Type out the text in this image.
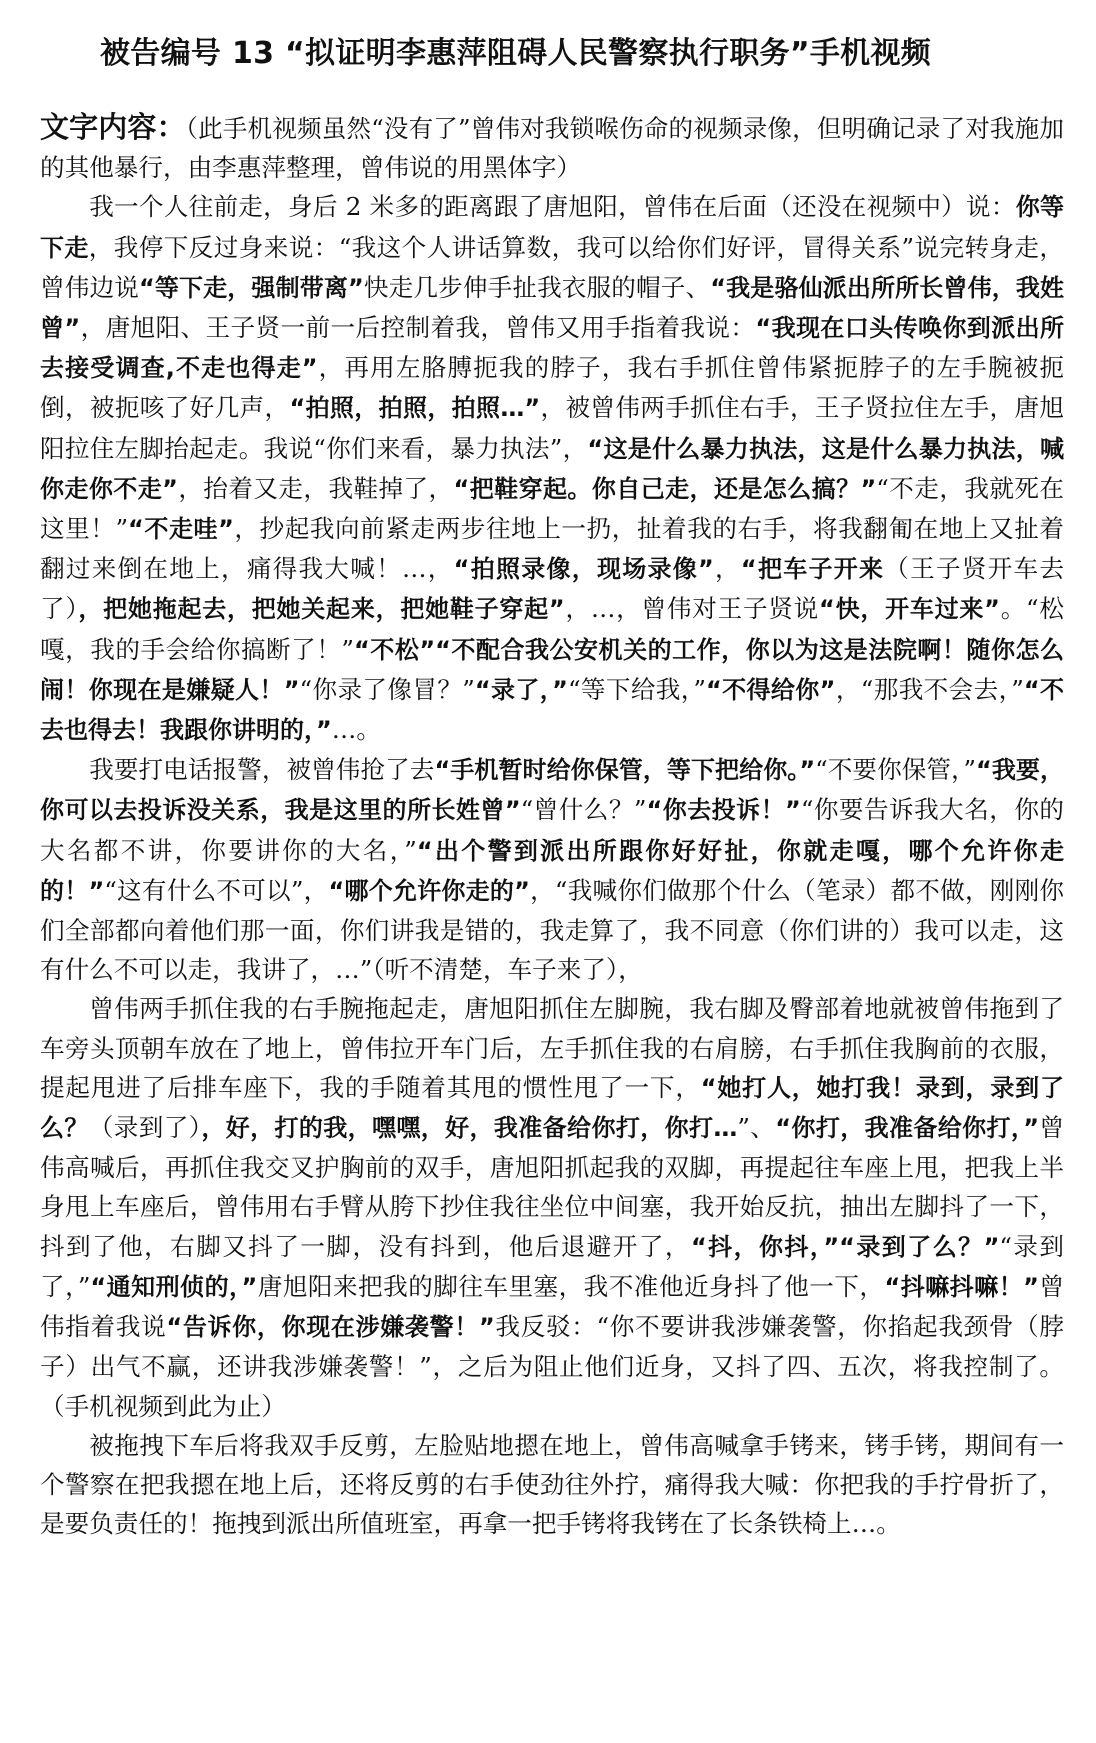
被告编号 13 “拟证明李惠萍阻碍人民警察执行职务”手机视频

文字内容：（此手机视频虽然“没有了”曾伟对我锁喉伤命的视频录像，但明确记录了对我施加的其他暴行，由李惠萍整理，曾伟说的用黑体字）

我一个人往前走，身后 2 米多的距离跟了唐旭阳，曾伟在后面（还没在视频中）说：你等下走，我停下反过身来说：“我这个人讲话算数，我可以给你们好评，冒得关系”说完转身走，曾伟边说“等下走，强制带离”快走几步伸手扯我衣服的帽子、“我是骆仙派出所所长曾伟，我姓曾”，唐旭阳、王子贤一前一后控制着我，曾伟又用手指着我说：“我现在口头传唤你到派出所去接受调查,不走也得走”，再用左胳膊扼我的脖子，我右手抓住曾伟紧扼脖子的左手腕被扼倒，被扼咳了好几声，“拍照，拍照，拍照…”，被曾伟两手抓住右手，王子贤拉住左手，唐旭阳拉住左脚抬起走。我说“你们来看，暴力执法”，“这是什么暴力执法，这是什么暴力执法，喊你走你不走”，抬着又走，我鞋掉了，“把鞋穿起。你自己走，还是怎么搞？”“不走，我就死在这里！”“不走哇”，抄起我向前紧走两步往地上一扔，扯着我的右手，将我翻匍在地上又扯着翻过来倒在地上，痛得我大喊！…，“拍照录像，现场录像”，“把车子开来（王子贤开车去了），把她拖起去，把她关起来，把她鞋子穿起”，…，曾伟对王子贤说“快，开车过来”。“松嘎，我的手会给你搞断了！”“不松”“不配合我公安机关的工作，你以为这是法院啊！随你怎么闹！你现在是嫌疑人！”“你录了像冒？”“录了，”“等下给我，”“不得给你”，“那我不会去，”“不去也得去！我跟你讲明的，”…。

我要打电话报警，被曾伟抢了去“手机暂时给你保管，等下把给你。”“不要你保管，”“我要，你可以去投诉没关系，我是这里的所长姓曾”“曾什么？”“你去投诉！”“你要告诉我大名，你的大名都不讲，你要讲你的大名，”“出个警到派出所跟你好好扯，你就走嘎，哪个允许你走的！”“这有什么不可以”，“哪个允许你走的”，“我喊你们做那个什么（笔录）都不做，刚刚你们全部都向着他们那一面，你们讲我是错的，我走算了，我不同意（你们讲的）我可以走，这有什么不可以走，我讲了，…”（听不清楚，车子来了），

曾伟两手抓住我的右手腕拖起走，唐旭阳抓住左脚腕，我右脚及臀部着地就被曾伟拖到了车旁头顶朝车放在了地上，曾伟拉开车门后，左手抓住我的右肩膀，右手抓住我胸前的衣服，提起甩进了后排车座下，我的手随着其甩的惯性甩了一下，“她打人，她打我！录到，录到了么？（录到了），好，打的我，嘿嘿，好，我准备给你打，你打…”、“你打，我准备给你打，”曾伟高喊后，再抓住我交叉护胸前的双手，唐旭阳抓起我的双脚，再提起往车座上甩，把我上半身甩上车座后，曾伟用右手臂从胯下抄住我往坐位中间塞，我开始反抗，抽出左脚抖了一下，抖到了他，右脚又抖了一脚，没有抖到，他后退避开了，“抖，你抖，”“录到了么？”“录到了，”“通知刑侦的，”唐旭阳来把我的脚往车里塞，我不准他近身抖了他一下，“抖嘛抖嘛！”曾伟指着我说“告诉你，你现在涉嫌袭警！”我反驳：“你不要讲我涉嫌袭警，你掐起我颈骨（脖子）出气不赢，还讲我涉嫌袭警！”，之后为阻止他们近身，又抖了四、五次，将我控制了。（手机视频到此为止）

被拖拽下车后将我双手反剪，左脸贴地摁在地上，曾伟高喊拿手铐来，铐手铐，期间有一个警察在把我摁在地上后，还将反剪的右手使劲往外拧，痛得我大喊：你把我的手拧骨折了，是要负责任的！拖拽到派出所值班室，再拿一把手铐将我铐在了长条铁椅上…。
